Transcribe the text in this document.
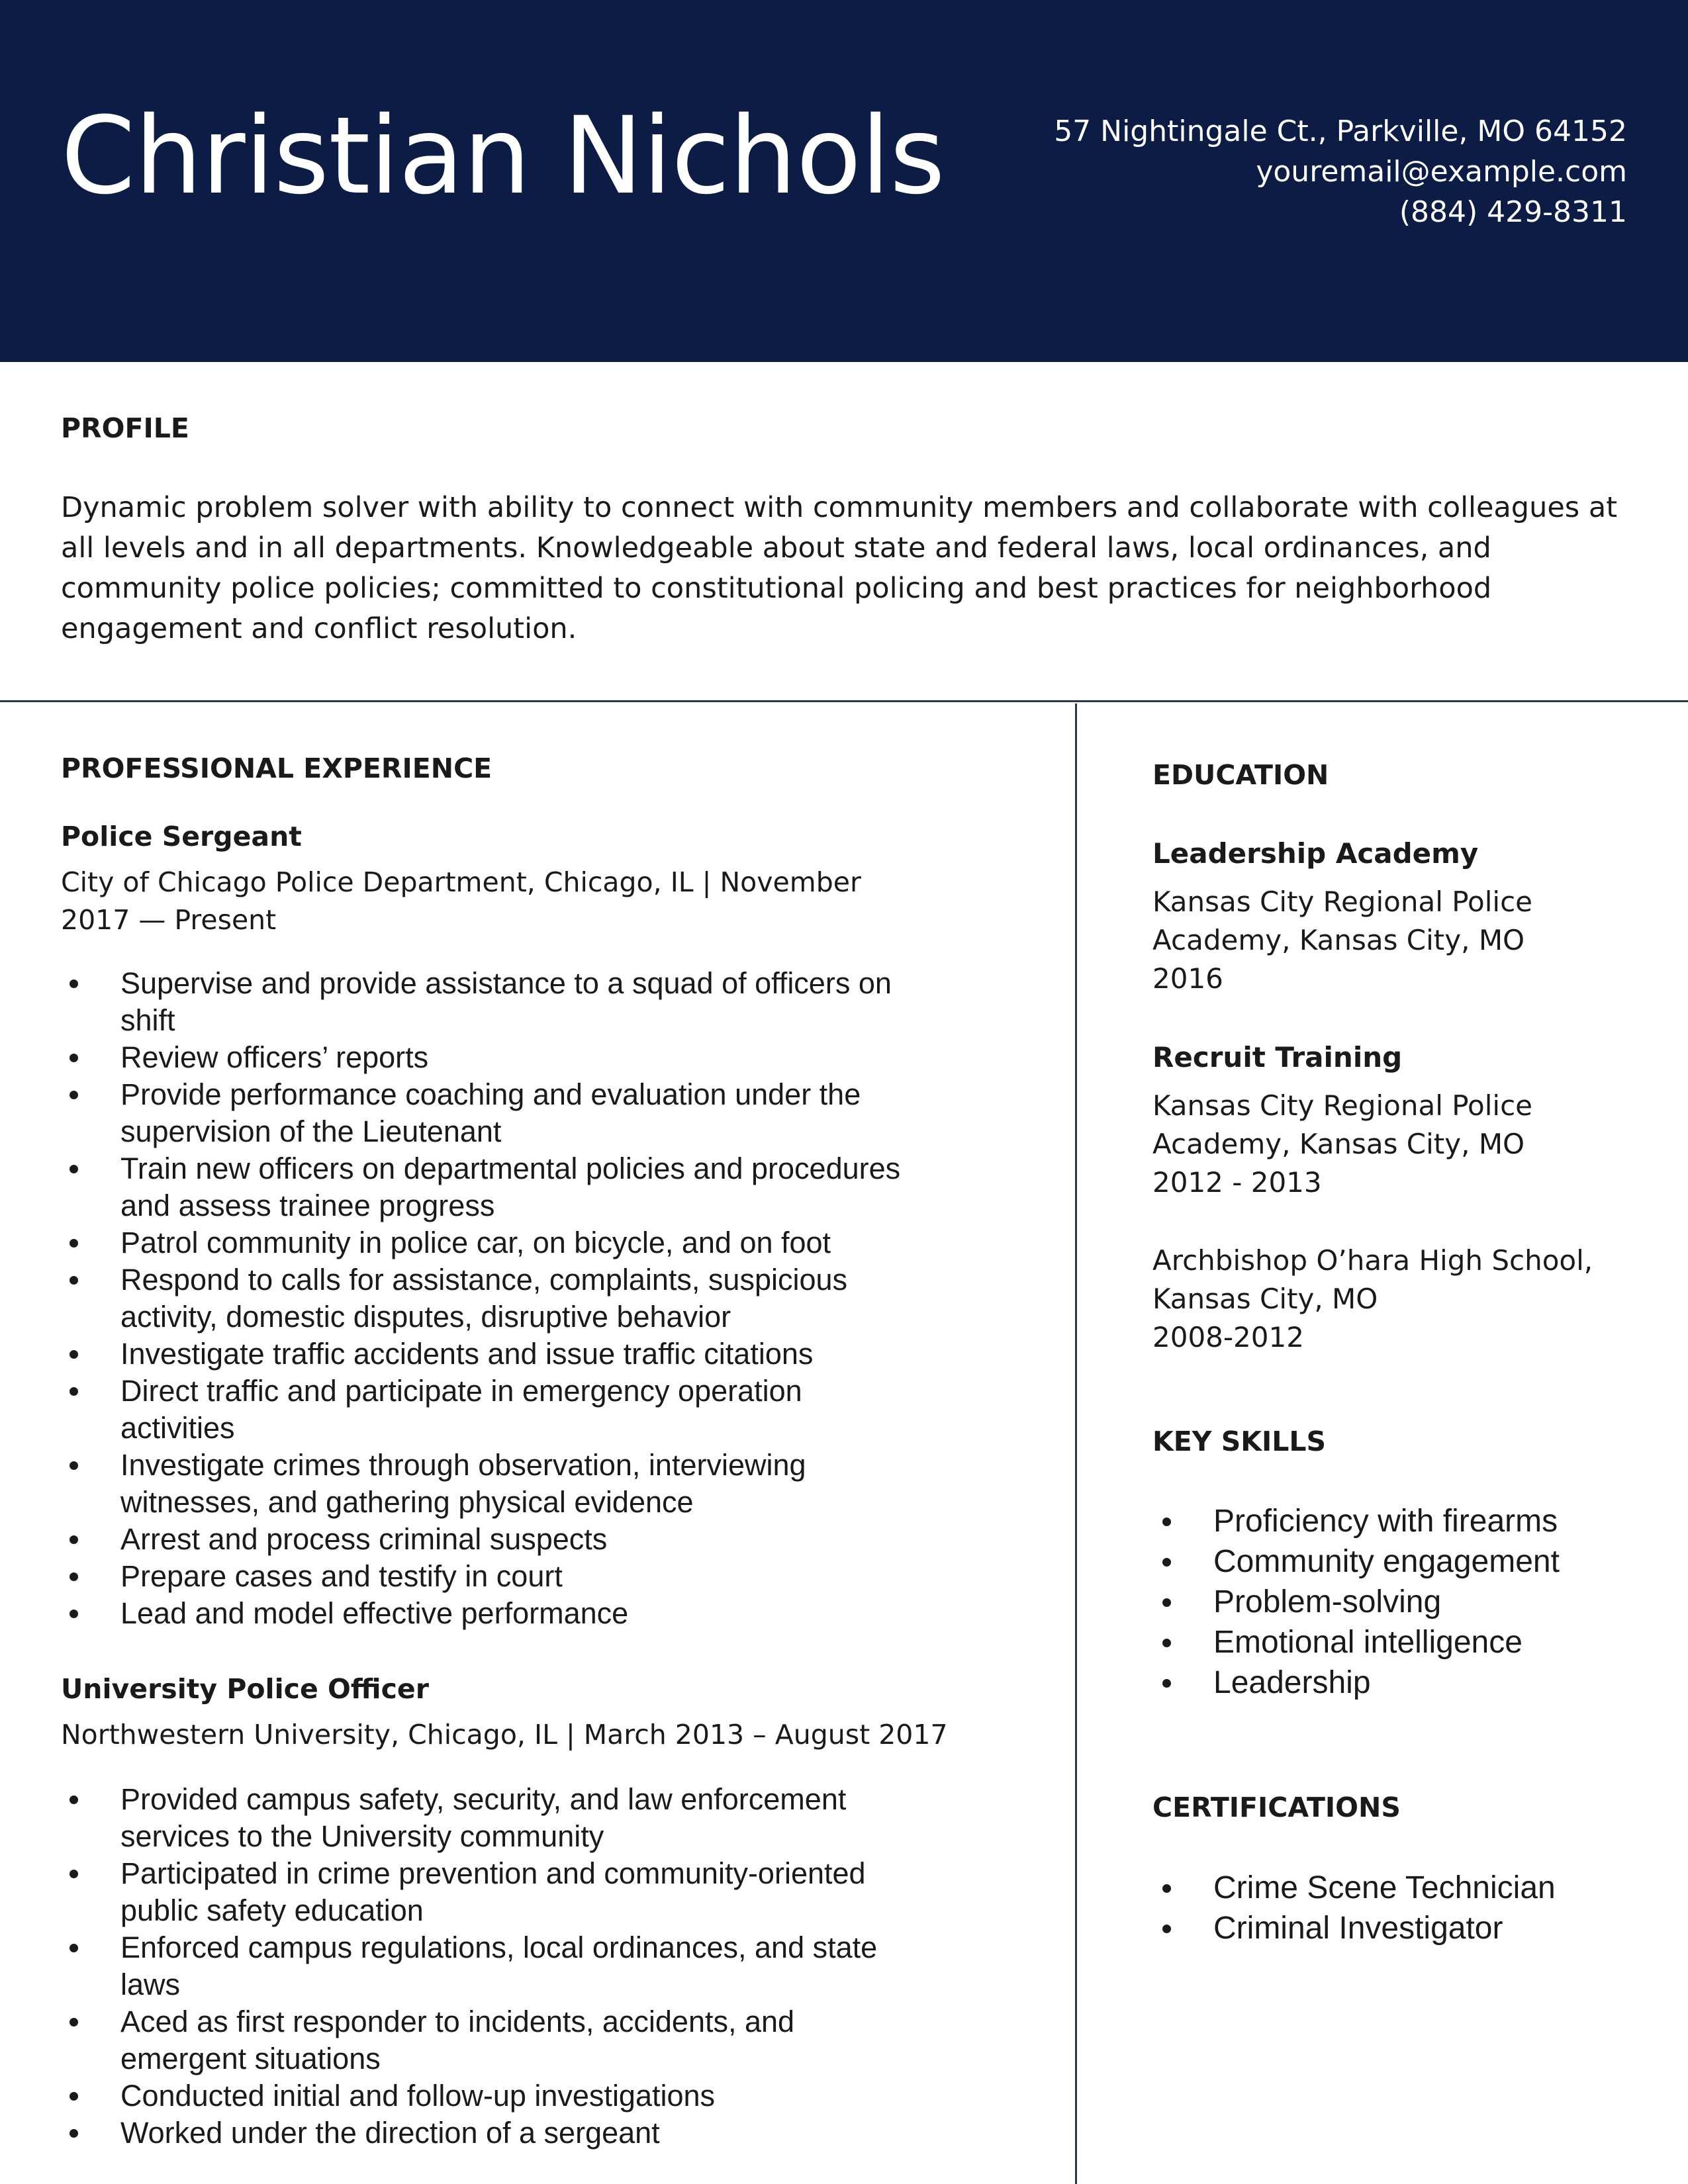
Christian Nichols	57 Nightingale Ct., Parkville, MO 64152
youremail@example.com
(884) 429-8311
PROFILE
Dynamic problem solver with ability to connect with community members and collaborate with colleagues at all levels and in all departments. Knowledgeable about state and federal laws, local ordinances, and community police policies; committed to constitutional policing and best practices for neighborhood engagement and conflict resolution.
PROFESSIONAL EXPERIENCE
Police Sergeant
City of Chicago Police Department, Chicago, IL | November 2017 — Present
Supervise and provide assistance to a squad of officers on shift
Review officers’ reports
Provide performance coaching and evaluation under the supervision of the Lieutenant
Train new officers on departmental policies and procedures and assess trainee progress
Patrol community in police car, on bicycle, and on foot
Respond to calls for assistance, complaints, suspicious activity, domestic disputes, disruptive behavior
Investigate traffic accidents and issue traffic citations
Direct traffic and participate in emergency operation activities
Investigate crimes through observation, interviewing witnesses, and gathering physical evidence
Arrest and process criminal suspects
Prepare cases and testify in court
Lead and model effective performance
University Police Officer
Northwestern University, Chicago, IL | March 2013 – August 2017
Provided campus safety, security, and law enforcement services to the University community
Participated in crime prevention and community-oriented public safety education
Enforced campus regulations, local ordinances, and state laws
Aced as first responder to incidents, accidents, and emergent situations
Conducted initial and follow-up investigations
Worked under the direction of a sergeant
EDUCATION
Leadership Academy
Kansas City Regional Police
Academy, Kansas City, MO
2016
Recruit Training
Kansas City Regional Police
Academy, Kansas City, MO
2012 - 2013
Archbishop O’hara High School,
Kansas City, MO
2008-2012
KEY SKILLS
Proficiency with firearms
Community engagement
Problem-solving
Emotional intelligence
Leadership
CERTIFICATIONS
Crime Scene Technician
Criminal Investigator
